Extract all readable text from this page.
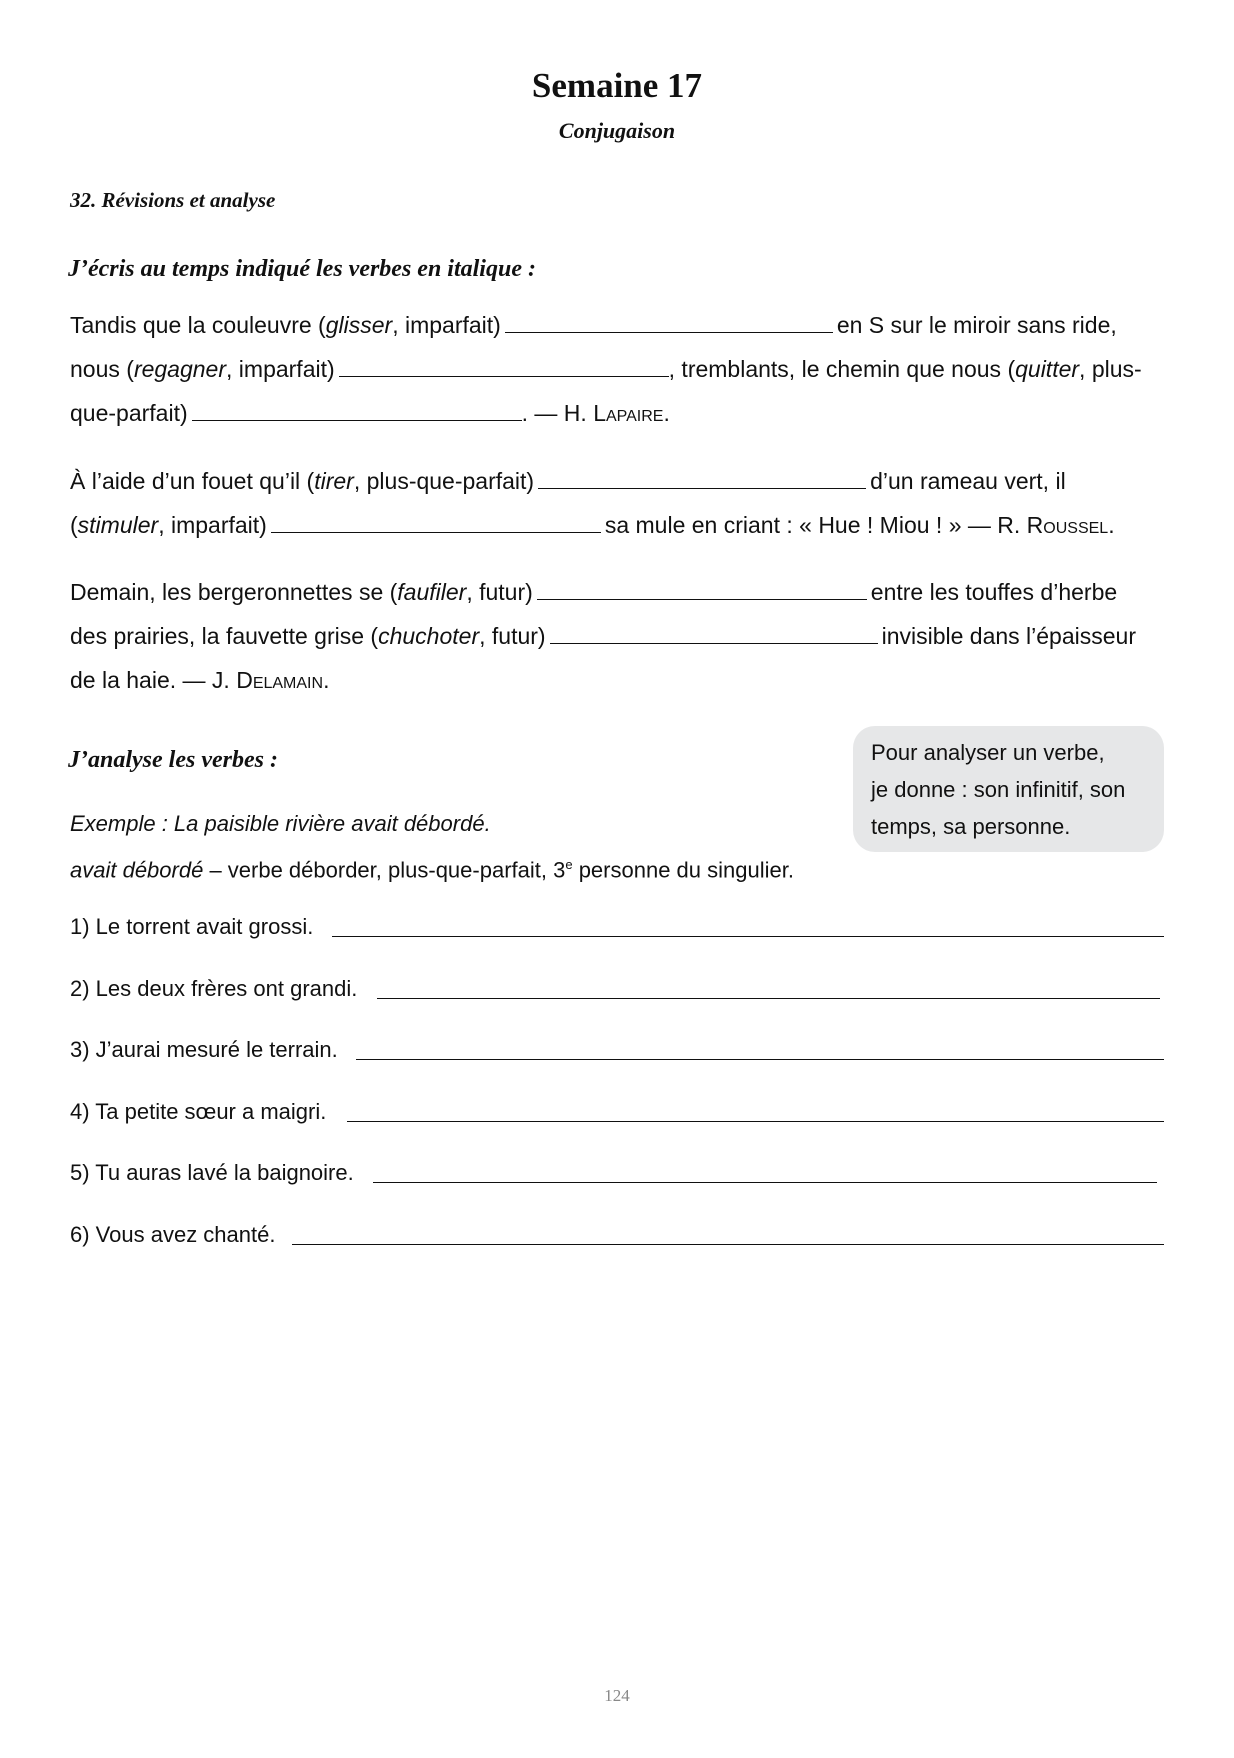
Semaine 17
Conjugaison
32. Révisions et analyse
J’écris au temps indiqué les verbes en italique :
Tandis que la couleuvre (glisser, imparfait)	en S sur le miroir sans ride,
nous (regagner, imparfait)	, tremblants, le chemin que nous (quitter, plus-
que-parfait)	. — H. Lapaire.
À l’aide d’un fouet qu’il (tirer, plus-que-parfait)	d’un rameau vert, il
(stimuler, imparfait)	sa mule en criant : « Hue ! Miou ! » — R. Roussel.
Demain, les bergeronnettes se (faufiler, futur)	entre les touffes d’herbe
des prairies, la fauvette grise (chuchoter, futur)	invisible dans l’épaisseur
de la haie. — J. Delamain.
J’analyse les verbes :	Pour analyser un verbe,
je donne : son infinitif, son
temps, sa personne.
Exemple : La paisible rivière avait débordé.
avait débordé – verbe déborder, plus-que-parfait, 3e personne du singulier.
1) Le torrent avait grossi.
2) Les deux frères ont grandi.
3) J’aurai mesuré le terrain.
4) Ta petite sœur a maigri.
5) Tu auras lavé la baignoire.
6) Vous avez chanté.
124
